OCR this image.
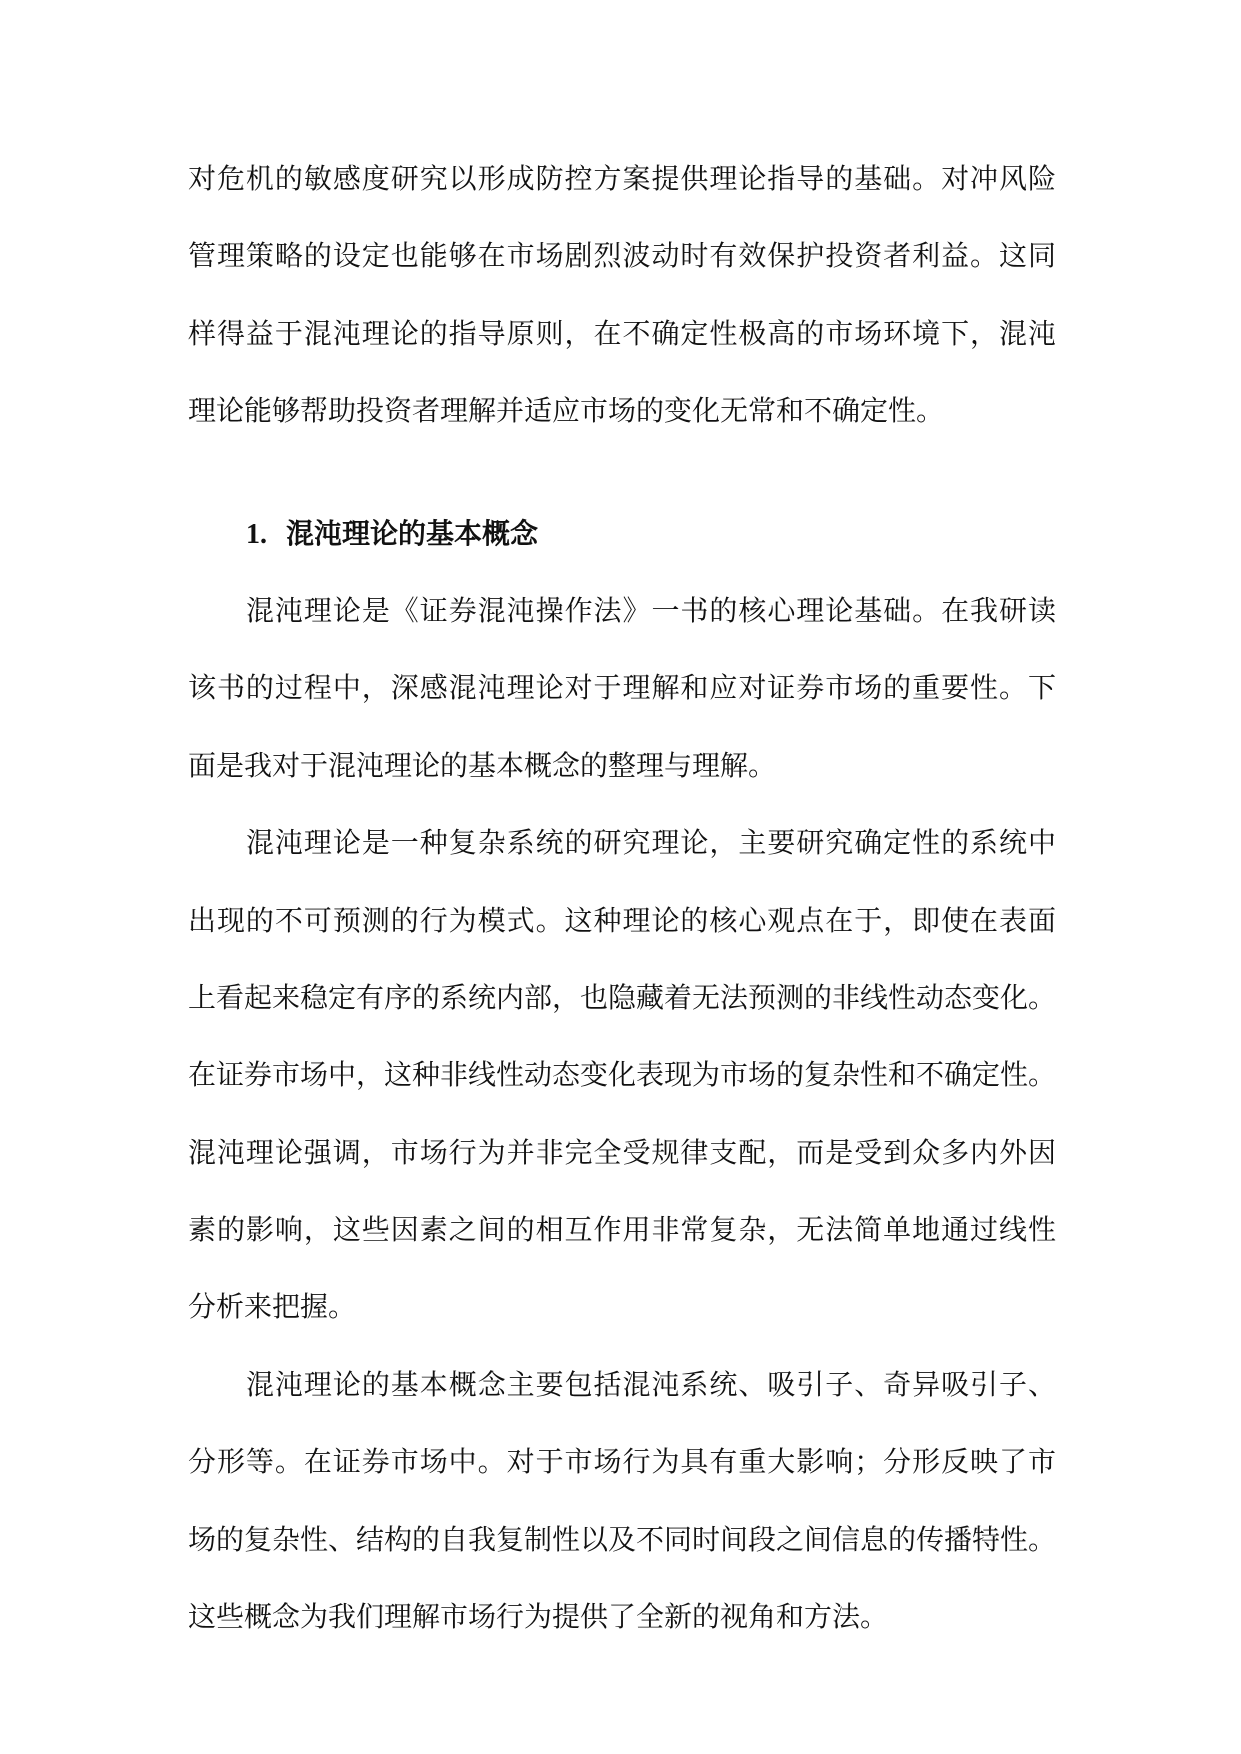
对危机的敏感度研究以形成防控方案提供理论指导的基础。对冲风险
管理策略的设定也能够在市场剧烈波动时有效保护投资者利益。这同
样得益于混沌理论的指导原则，在不确定性极高的市场环境下，混沌
理论能够帮助投资者理解并适应市场的变化无常和不确定性。
1. 混沌理论的基本概念
混沌理论是《证券混沌操作法》一书的核心理论基础。在我研读
该书的过程中，深感混沌理论对于理解和应对证券市场的重要性。下
面是我对于混沌理论的基本概念的整理与理解。
混沌理论是一种复杂系统的研究理论，主要研究确定性的系统中
出现的不可预测的行为模式。这种理论的核心观点在于，即使在表面
上看起来稳定有序的系统内部，也隐藏着无法预测的非线性动态变化。
在证券市场中，这种非线性动态变化表现为市场的复杂性和不确定性。
混沌理论强调，市场行为并非完全受规律支配，而是受到众多内外因
素的影响，这些因素之间的相互作用非常复杂，无法简单地通过线性
分析来把握。
混沌理论的基本概念主要包括混沌系统、吸引子、奇异吸引子、
分形等。在证券市场中。对于市场行为具有重大影响；分形反映了市
场的复杂性、结构的自我复制性以及不同时间段之间信息的传播特性。
这些概念为我们理解市场行为提供了全新的视角和方法。
